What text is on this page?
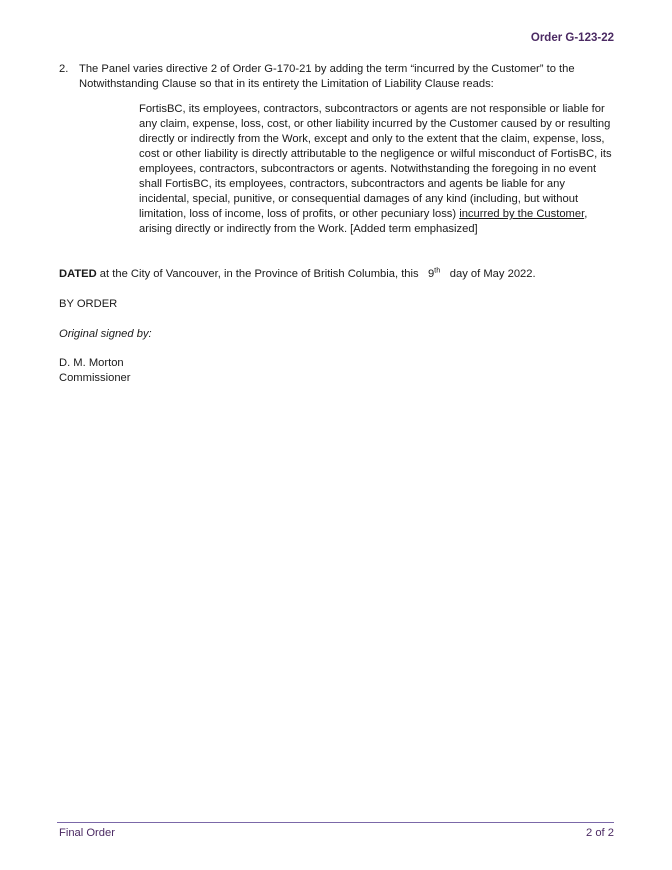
Order G-123-22
2. The Panel varies directive 2 of Order G-170-21 by adding the term “incurred by the Customer” to the Notwithstanding Clause so that in its entirety the Limitation of Liability Clause reads:
FortisBC, its employees, contractors, subcontractors or agents are not responsible or liable for any claim, expense, loss, cost, or other liability incurred by the Customer caused by or resulting directly or indirectly from the Work, except and only to the extent that the claim, expense, loss, cost or other liability is directly attributable to the negligence or wilful misconduct of FortisBC, its employees, contractors, subcontractors or agents. Notwithstanding the foregoing in no event shall FortisBC, its employees, contractors, subcontractors and agents be liable for any incidental, special, punitive, or consequential damages of any kind (including, but without limitation, loss of income, loss of profits, or other pecuniary loss) incurred by the Customer, arising directly or indirectly from the Work. [Added term emphasized]
DATED at the City of Vancouver, in the Province of British Columbia, this   9th   day of May 2022.
BY ORDER
Original signed by:
D. M. Morton
Commissioner
Final Order	2 of 2
